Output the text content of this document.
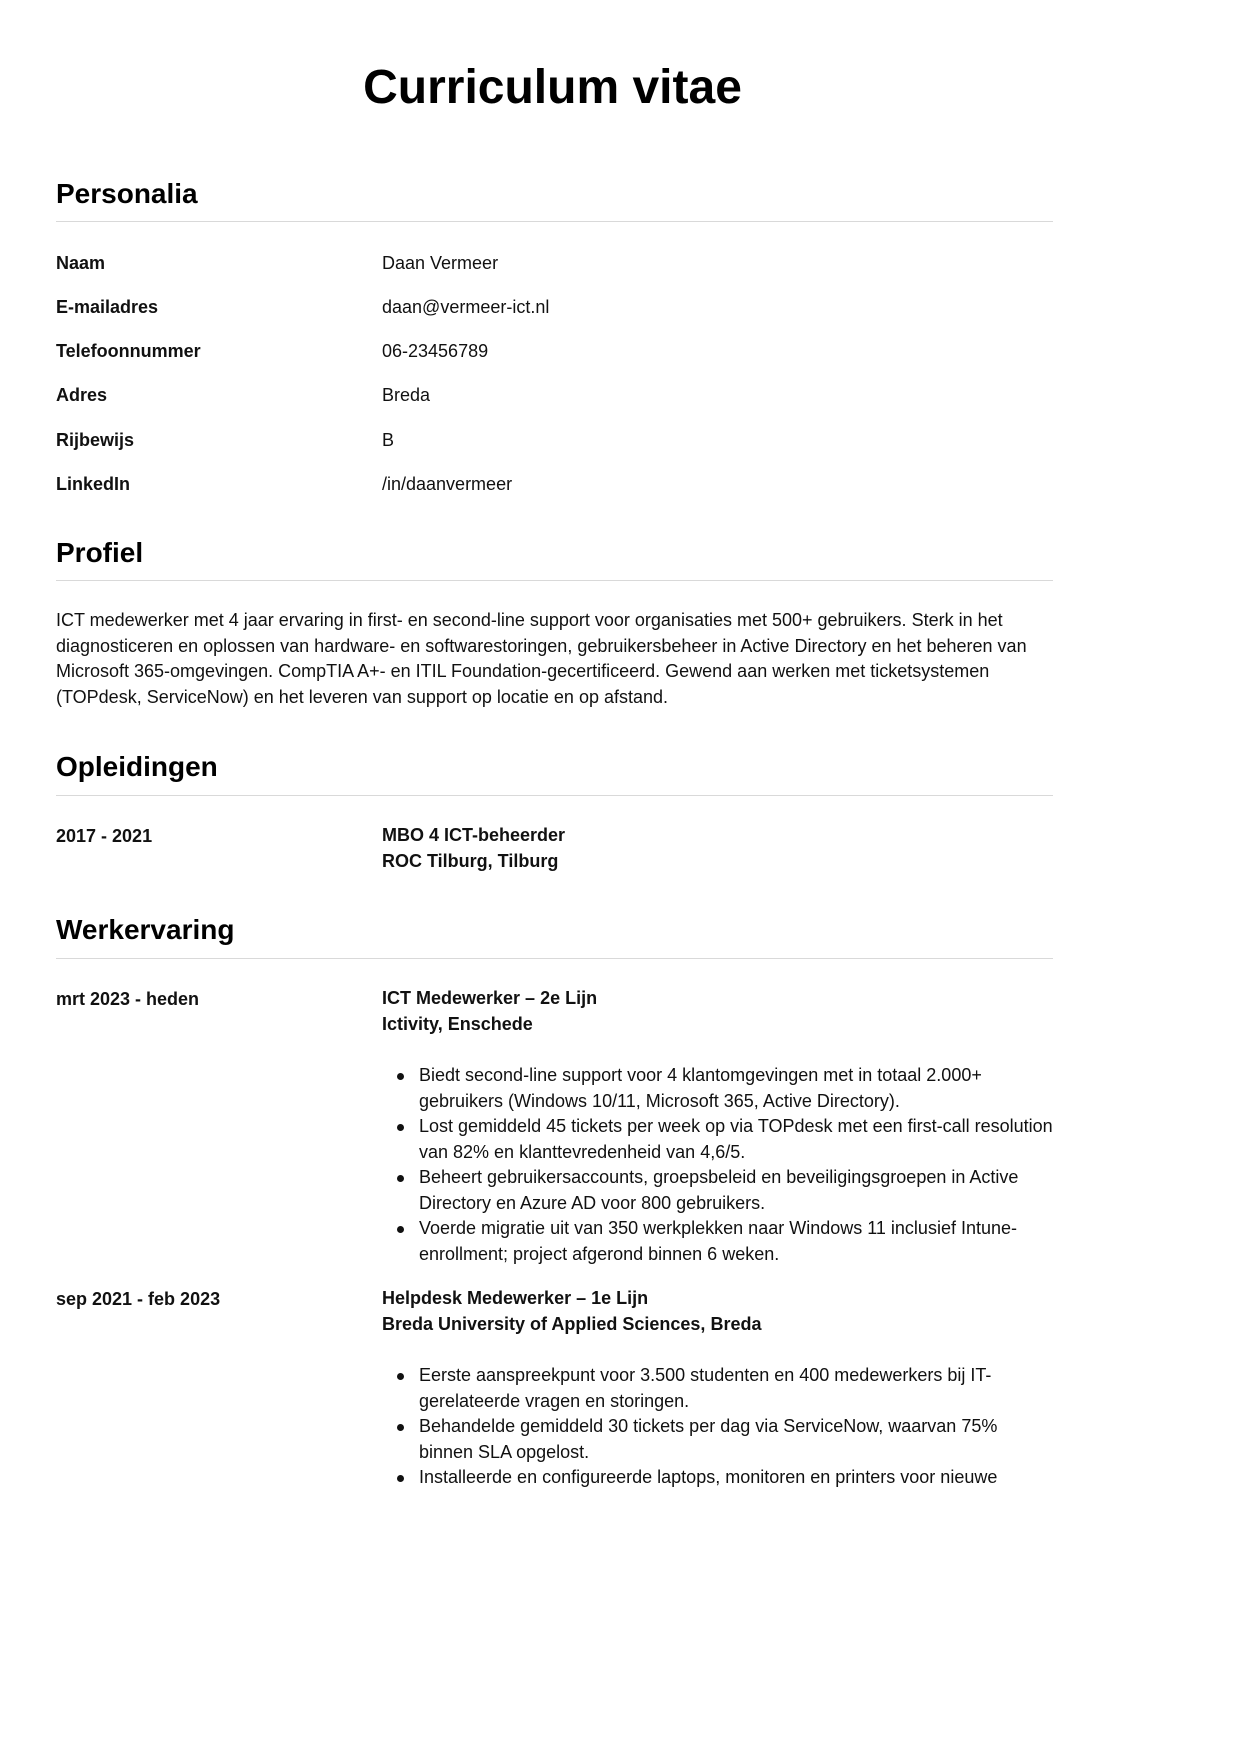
Curriculum vitae
Personalia
Naam	Daan Vermeer
E-mailadres	daan@vermeer-ict.nl
Telefoonnummer	06-23456789
Adres	Breda
Rijbewijs	B
LinkedIn	/in/daanvermeer
Profiel

ICT medewerker met 4 jaar ervaring in first- en second-line support voor organisaties met 500+ gebruikers. Sterk in het diagnosticeren en oplossen van hardware- en softwarestoringen, gebruikersbeheer in Active Directory en het beheren van Microsoft 365-omgevingen. CompTIA A+- en ITIL Foundation-gecertificeerd. Gewend aan werken met ticketsystemen (TOPdesk, ServiceNow) en het leveren van support op locatie en op afstand.

Opleidingen
2017 - 2021	MBO 4 ICT-beheerder
ROC Tilburg, Tilburg
Werkervaring
mrt 2023 - heden	ICT Medewerker – 2e Lijn
Ictivity, Enschede
Biedt second-line support voor 4 klantomgevingen met in totaal 2.000+ gebruikers (Windows 10/11, Microsoft 365, Active Directory).
Lost gemiddeld 45 tickets per week op via TOPdesk met een first-call resolution van 82% en klanttevredenheid van 4,6/5.
Beheert gebruikersaccounts, groepsbeleid en beveiligingsgroepen in Active Directory en Azure AD voor 800 gebruikers.
Voerde migratie uit van 350 werkplekken naar Windows 11 inclusief Intune-enrollment; project afgerond binnen 6 weken.
sep 2021 - feb 2023	Helpdesk Medewerker – 1e Lijn
Breda University of Applied Sciences, Breda
Eerste aanspreekpunt voor 3.500 studenten en 400 medewerkers bij IT-gerelateerde vragen en storingen.
Behandelde gemiddeld 30 tickets per dag via ServiceNow, waarvan 75% binnen SLA opgelost.
Installeerde en configureerde laptops, monitoren en printers voor nieuwe
